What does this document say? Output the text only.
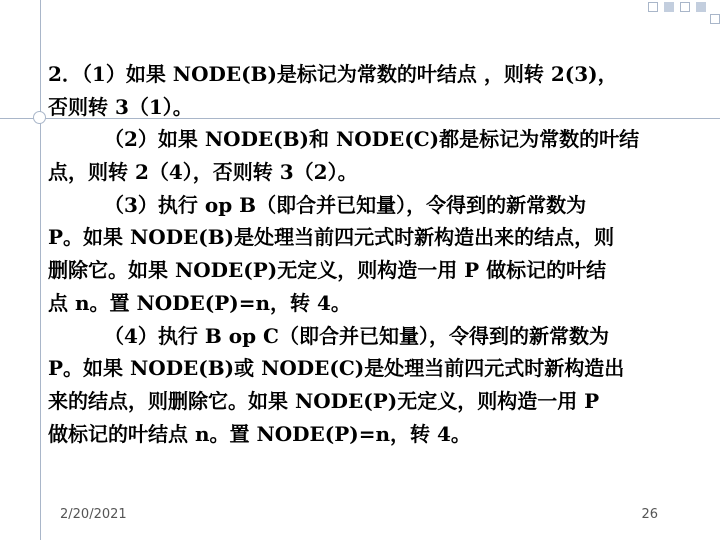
2．（1）如果 NODE(B)是标记为常数的叶结点 ，则转 2(3)，
否则转 3（1）。
（2）如果 NODE(B)和 NODE(C)都是标记为常数的叶结
点，则转 2（4），否则转 3（2）。
（3）执行 op B（即合并已知量），令得到的新常数为
P。如果 NODE(B)是处理当前四元式时新构造出来的结点，则
删除它。如果 NODE(P)无定义，则构造一用 P 做标记的叶结
点 n。置 NODE(P)=n，转 4。
（4）执行 B op C（即合并已知量），令得到的新常数为
P。如果 NODE(B)或 NODE(C)是处理当前四元式时新构造出
来的结点，则删除它。如果 NODE(P)无定义，则构造一用 P
做标记的叶结点 n。置 NODE(P)=n，转 4。
2/20/2021	26
